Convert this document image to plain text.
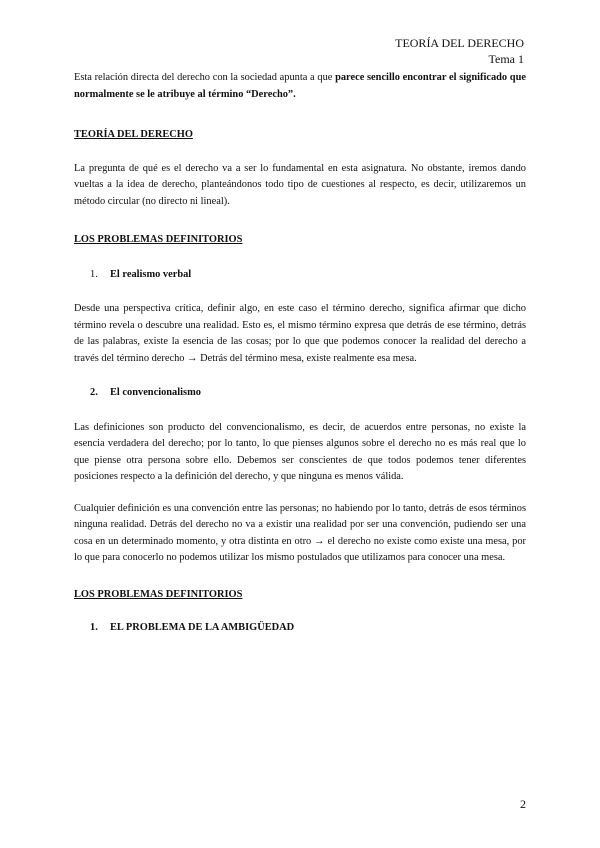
TEORÍA DEL DERECHO
Tema 1

Esta relación directa del derecho con la sociedad apunta a que parece sencillo encontrar el significado que normalmente se le atribuye al término “Derecho”.

TEORÍA DEL DERECHO

La pregunta de qué es el derecho va a ser lo fundamental en esta asignatura. No obstante, iremos dando vueltas a la idea de derecho, planteándonos todo tipo de cuestiones al respecto, es decir, utilizaremos un método circular (no directo ni lineal).

LOS PROBLEMAS DEFINITORIOS

1. El realismo verbal

Desde una perspectiva crítica, definir algo, en este caso el término derecho, significa afirmar que dicho término revela o descubre una realidad. Esto es, el mismo término expresa que detrás de ese término, detrás de las palabras, existe la esencia de las cosas; por lo que que podemos conocer la realidad del derecho a través del término derecho → Detrás del término mesa, existe realmente esa mesa.

2. El convencionalismo

Las definiciones son producto del convencionalismo, es decir, de acuerdos entre personas, no existe la esencia verdadera del derecho; por lo tanto, lo que pienses algunos sobre el derecho no es más real que lo que piense otra persona sobre ello. Debemos ser conscientes de que todos podemos tener diferentes posiciones respecto a la definición del derecho, y que ninguna es menos válida.

Cualquier definición es una convención entre las personas; no habiendo por lo tanto, detrás de esos términos ninguna realidad. Detrás del derecho no va a existir una realidad por ser una convención, pudiendo ser una cosa en un determinado momento, y otra distinta en otro → el derecho no existe como existe una mesa, por lo que para conocerlo no podemos utilizar los mismo postulados que utilizamos para conocer una mesa.

LOS PROBLEMAS DEFINITORIOS

1. EL PROBLEMA DE LA AMBIGÜEDAD

2
